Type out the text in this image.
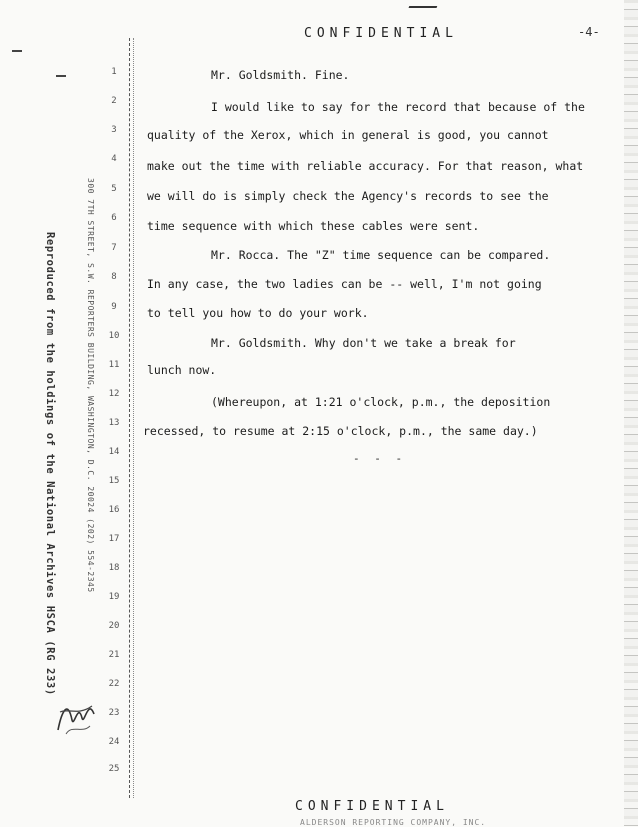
CONFIDENTIAL	-4-
Reproduced from the holdings of the National Archives HSCA (RG 233)	300 7TH STREET, S.W. REPORTERS BUILDING, WASHINGTON, D.C. 20024 (202) 554-2345
1
2
3
4
5
6
7
8
9
10
11
12
13
14
15
16
17
18
19
20
21
22
23
24
25
Mr. Goldsmith. Fine.
I would like to say for the record that because of the
quality of the Xerox, which in general is good, you cannot
make out the time with reliable accuracy. For that reason, what
we will do is simply check the Agency's records to see the
time sequence with which these cables were sent.
Mr. Rocca. The "Z" time sequence can be compared.
In any case, the two ladies can be -- well, I'm not going
to tell you how to do your work.
Mr. Goldsmith. Why don't we take a break for
lunch now.
(Whereupon, at 1:21 o'clock, p.m., the deposition
recessed, to resume at 2:15 o'clock, p.m., the same day.)
- - -
CONFIDENTIAL
ALDERSON REPORTING COMPANY, INC.
